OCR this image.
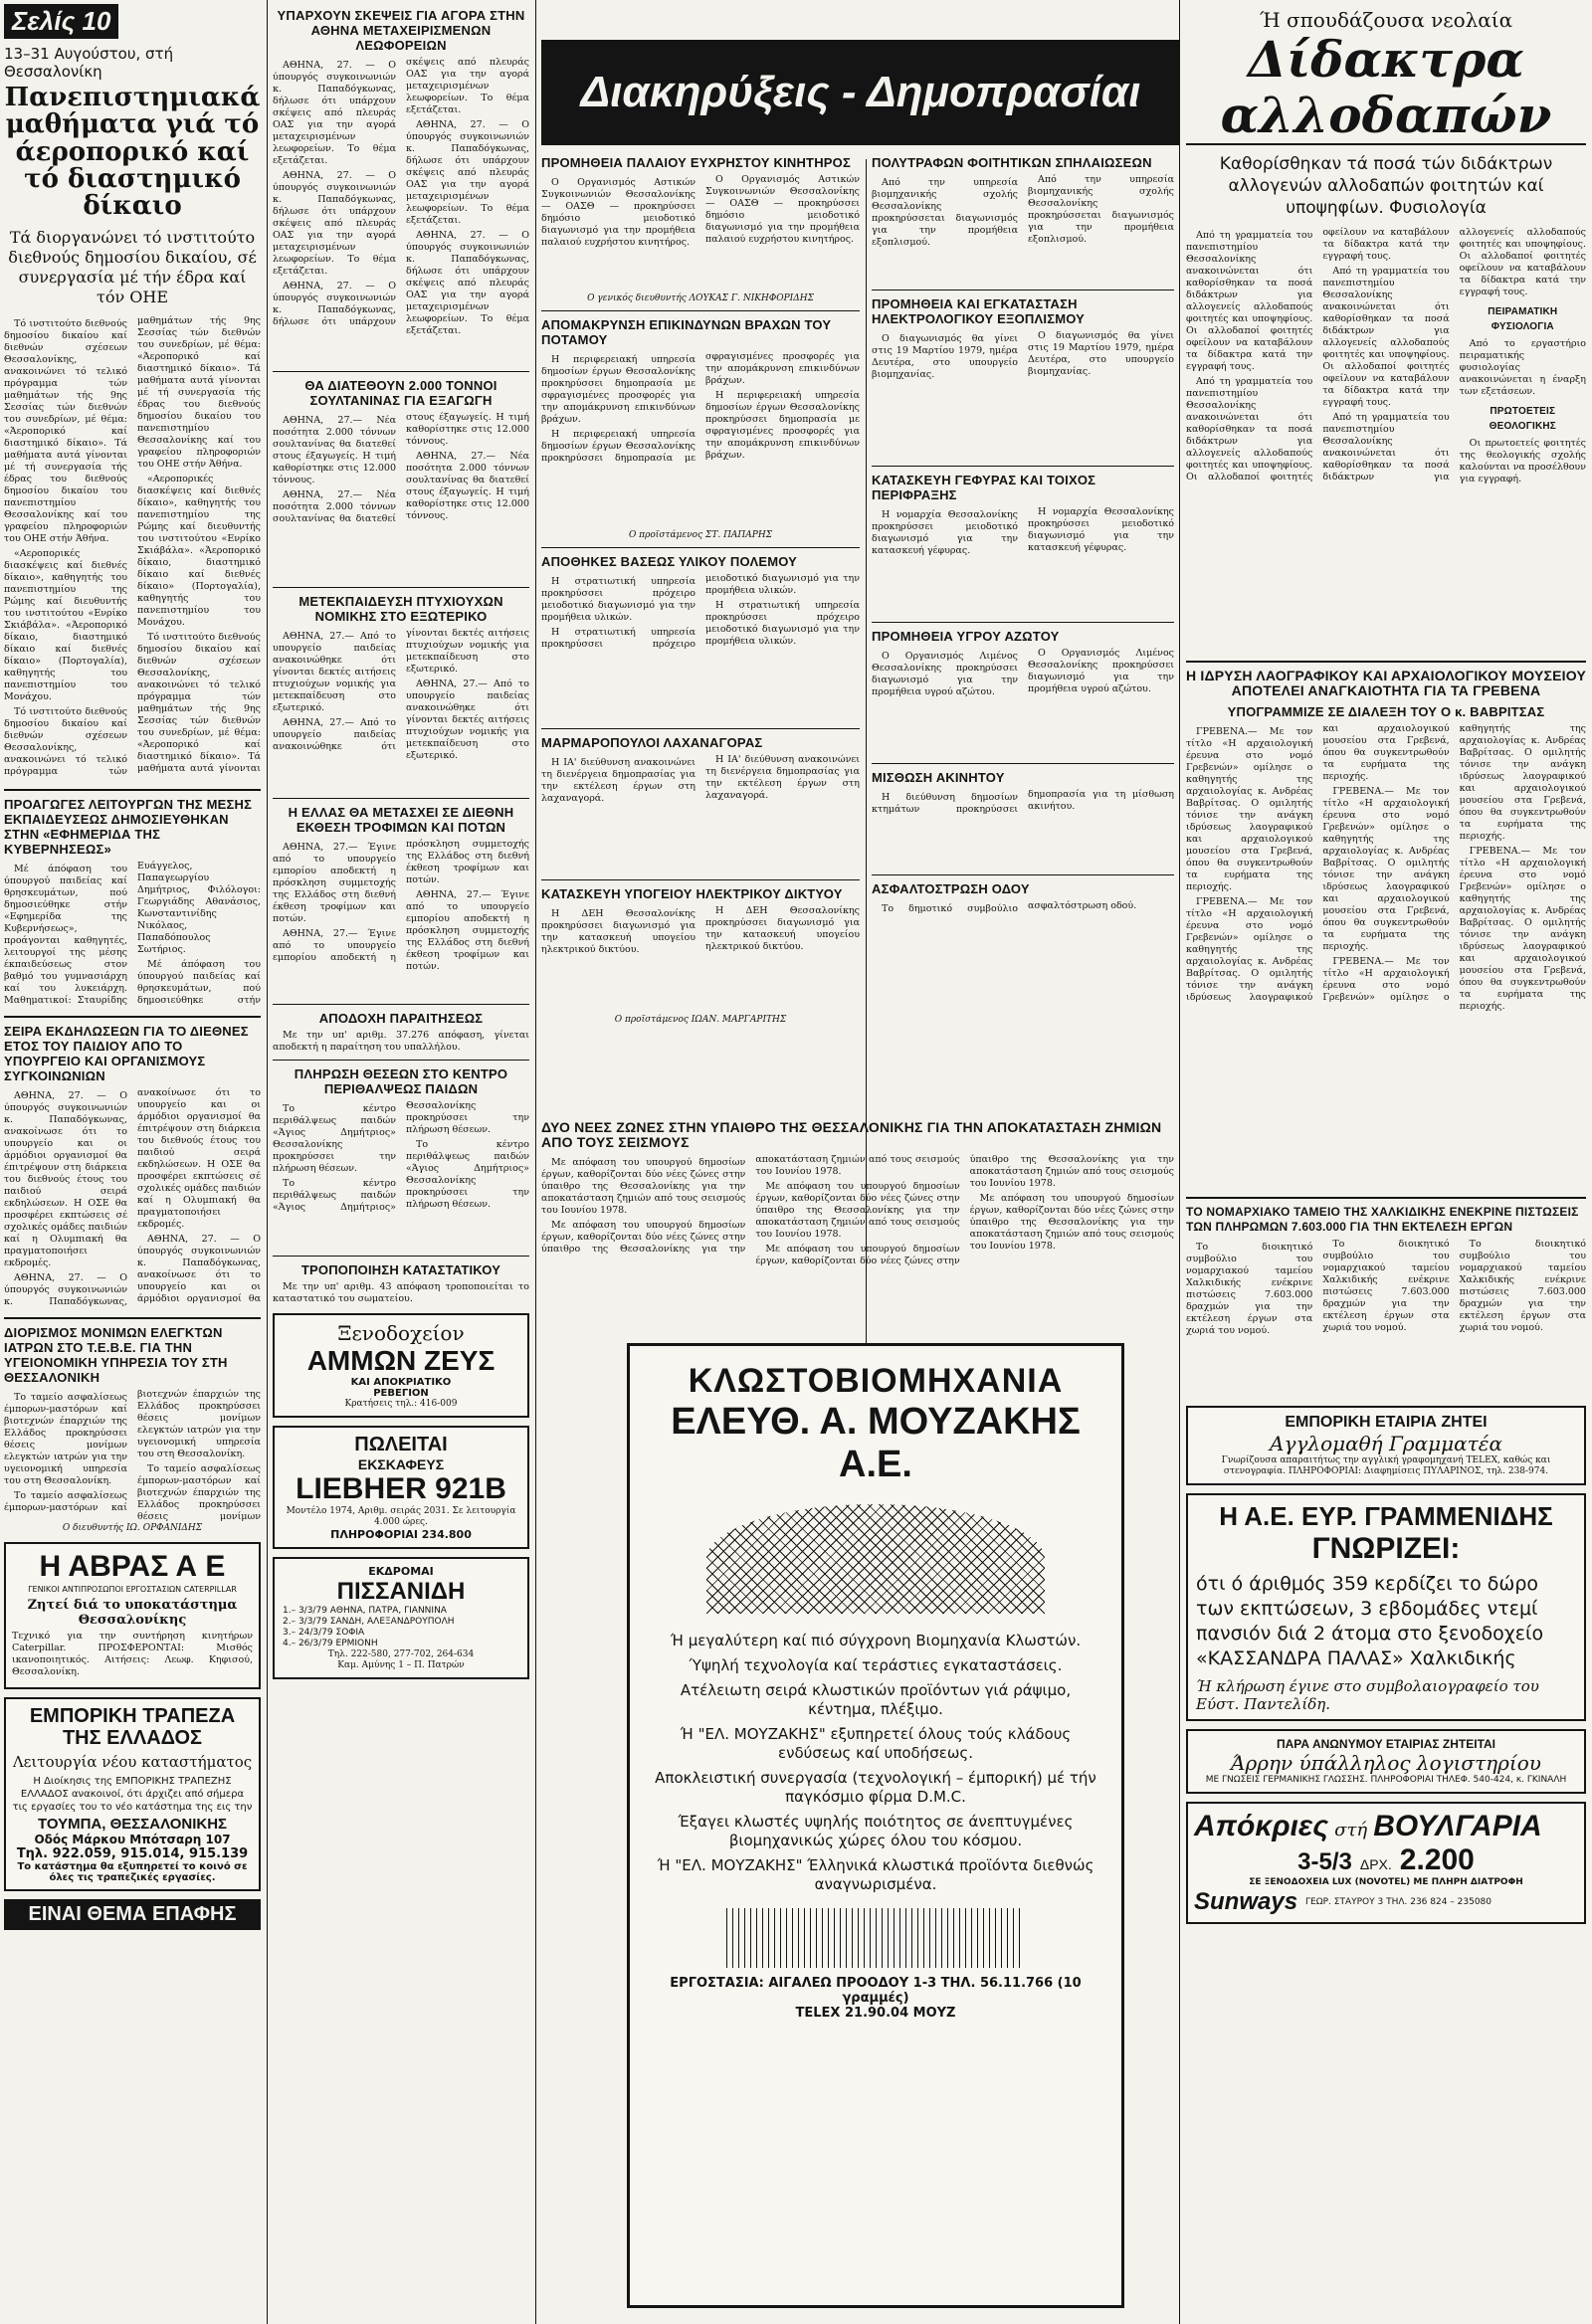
Σελίς 10
13–31 Αυγούστου, στή Θεσσαλονίκη
Πανεπιστημιακά μαθήματα γιά τό άεροπορικό καί τό διαστημικό δίκαιο
Τά διοργανώνει τό ινστιτούτο διεθνούς δημοσίου δικαίου, σέ συνεργασία μέ τήν έδρα καί τόν ΟΗΕ

Τό ινστιτούτο διεθνούς δημοσίου δικαίου καί διεθνών σχέσεων Θεσσαλονίκης, ανακοινώνει τό τελικό πρόγραμμα τών μαθημάτων τής 9ης Σεσσίας τών διεθνών του συνεδρίων, μέ θέμα: «Άεροπορικό καί διαστημικό δίκαιο». Τά μαθήματα αυτά γίνονται μέ τή συνεργασία τής έδρας του διεθνούς δημοσίου δικαίου του πανεπιστημίου Θεσσαλονίκης καί του γραφείου πληροφοριών του ΟΗΕ στήν Άθήνα.

«Αεροπορικές διασκέψεις καί διεθνές δίκαιο», καθηγητής του πανεπιστημίου της Ρώμης καί διευθυντής του ινστιτούτου «Ενρίκο Σκιάβάλα». «Άεροπορικό δίκαιο, διαστημικό δίκαιο καί διεθνές δίκαιο» (Πορτογαλία), καθηγητής του πανεπιστημίου του Μονάχου.

Τό ινστιτούτο διεθνούς δημοσίου δικαίου καί διεθνών σχέσεων Θεσσαλονίκης, ανακοινώνει τό τελικό πρόγραμμα τών μαθημάτων τής 9ης Σεσσίας τών διεθνών του συνεδρίων, μέ θέμα: «Άεροπορικό καί διαστημικό δίκαιο». Τά μαθήματα αυτά γίνονται μέ τή συνεργασία τής έδρας του διεθνούς δημοσίου δικαίου του πανεπιστημίου Θεσσαλονίκης καί του γραφείου πληροφοριών του ΟΗΕ στήν Άθήνα.

«Αεροπορικές διασκέψεις καί διεθνές δίκαιο», καθηγητής του πανεπιστημίου της Ρώμης καί διευθυντής του ινστιτούτου «Ενρίκο Σκιάβάλα». «Άεροπορικό δίκαιο, διαστημικό δίκαιο καί διεθνές δίκαιο» (Πορτογαλία), καθηγητής του πανεπιστημίου του Μονάχου.

Τό ινστιτούτο διεθνούς δημοσίου δικαίου καί διεθνών σχέσεων Θεσσαλονίκης, ανακοινώνει τό τελικό πρόγραμμα τών μαθημάτων τής 9ης Σεσσίας τών διεθνών του συνεδρίων, μέ θέμα: «Άεροπορικό καί διαστημικό δίκαιο». Τά μαθήματα αυτά γίνονται

ΠΡΟΑΓΩΓΕΣ ΛΕΙΤΟΥΡΓΩΝ ΤΗΣ ΜΕΣΗΣ ΕΚΠΑΙΔΕΥΣΕΩΣ ΔΗΜΟΣΙΕΥΘΗΚΑΝ ΣΤΗΝ «ΕΦΗΜΕΡΙΔΑ ΤΗΣ ΚΥΒΕΡΝΗΣΕΩΣ»

Μέ άπόφαση του ύπουργού παιδείας καί θρησκευμάτων, πού δημοσιεύθηκε στήν «Εφημερίδα της Κυβερνήσεως», προάγονται καθηγητές, λειτουργοί της μέσης έκπαιδεύσεως στον βαθμό του γυμνασιάρχη καί του λυκειάρχη. Μαθηματικοί: Σταυρίδης Ευάγγελος, Παπαγεωργίου Δημήτριος, Φιλόλογοι: Γεωργιάδης Αθανάσιος, Κωνσταντινίδης Νικόλαος, Παπαδόπουλος Σωτήριος.

Μέ άπόφαση του ύπουργού παιδείας καί θρησκευμάτων, πού δημοσιεύθηκε στήν

ΣΕΙΡΑ ΕΚΔΗΛΩΣΕΩΝ ΓΙΑ ΤΟ ΔΙΕΘΝΕΣ ΕΤΟΣ ΤΟΥ ΠΑΙΔΙΟΥ ΑΠΟ ΤΟ ΥΠΟΥΡΓΕΙΟ ΚΑΙ ΟΡΓΑΝΙΣΜΟΥΣ ΣΥΓΚΟΙΝΩΝΙΩΝ

ΑΘΗΝΑ, 27. — Ο ύπουργός συγκοινωνιών κ. Παπαδόγκωνας, ανακοίνωσε ότι το υπουργείο και οι άρμόδιοι οργανισμοί θα έπιτρέψουν στη διάρκεια του διεθνούς έτους του παιδιού σειρά εκδηλώσεων. Η ΟΣΕ θα προσφέρει εκπτώσεις σέ σχολικές ομάδες παιδιών καί η Ολυμπιακή θα πραγματοποιήσει εκδρομές.

ΑΘΗΝΑ, 27. — Ο ύπουργός συγκοινωνιών κ. Παπαδόγκωνας, ανακοίνωσε ότι το υπουργείο και οι άρμόδιοι οργανισμοί θα έπιτρέψουν στη διάρκεια του διεθνούς έτους του παιδιού σειρά εκδηλώσεων. Η ΟΣΕ θα προσφέρει εκπτώσεις σέ σχολικές ομάδες παιδιών καί η Ολυμπιακή θα πραγματοποιήσει εκδρομές.

ΑΘΗΝΑ, 27. — Ο ύπουργός συγκοινωνιών κ. Παπαδόγκωνας, ανακοίνωσε ότι το υπουργείο και οι άρμόδιοι οργανισμοί θα

ΔΙΟΡΙΣΜΟΣ ΜΟΝΙΜΩΝ ΕΛΕΓΚΤΩΝ ΙΑΤΡΩΝ ΣΤΟ Τ.Ε.Β.Ε. ΓΙΑ ΤΗΝ ΥΓΕΙΟΝΟΜΙΚΗ ΥΠΗΡΕΣΙΑ ΤΟΥ ΣΤΗ ΘΕΣΣΑΛΟΝΙΚΗ

Το ταμείο ασφαλίσεως έμπορων-μαστόρων καί βιοτεχνών έπαρχιών της Ελλάδος προκηρύσσει θέσεις μονίμων ελεγκτών ιατρών για την υγειονομική υπηρεσία του στη Θεσσαλονίκη.

Το ταμείο ασφαλίσεως έμπορων-μαστόρων καί βιοτεχνών έπαρχιών της Ελλάδος προκηρύσσει θέσεις μονίμων ελεγκτών ιατρών για την υγειονομική υπηρεσία του στη Θεσσαλονίκη.

Το ταμείο ασφαλίσεως έμπορων-μαστόρων καί βιοτεχνών έπαρχιών της Ελλάδος προκηρύσσει θέσεις μονίμων

Ο διευθυντής ΙΩ. ΟΡΦΑΝΙΔΗΣ
Η ΑΒΡΑΣ Α Ε
ΓΕΝΙΚΟΙ ΑΝΤΙΠΡΟΣΩΠΟΙ ΕΡΓΟΣΤΑΣΙΩΝ CATERPILLAR
Ζητεί διά το υποκατάστημα Θεσσαλονίκης

Τεχνικό για την συντήρηση κινητήρων Caterpillar. ΠΡΟΣΦΕΡΟΝΤΑΙ: Μισθός ικανοποιητικός. Αιτήσεις: Λεωφ. Κηφισού, Θεσσαλονίκη.

ΕΜΠΟΡΙΚΗ ΤΡΑΠΕΖΑ ΤΗΣ ΕΛΛΑΔΟΣ
Λειτουργία νέου καταστήματος

Η Διοίκησις της ΕΜΠΟΡΙΚΗΣ ΤΡΑΠΕΖΗΣ ΕΛΛΑΔΟΣ ανακοινοί, ότι άρχιζει από σήμερα τις εργασίες του το νέο κατάστημα της εις την

ΤΟΥΜΠΑ, ΘΕΣΣΑΛΟΝΙΚΗΣ
Οδός Μάρκου Μπότσαρη 107
Τηλ. 922.059, 915.014, 915.139
Το κατάστημα θα εξυπηρετεί το κοινό σε όλες τις τραπεζικές εργασίες.
ΕΙΝΑΙ ΘΕΜΑ ΕΠΑΦΗΣ
ΥΠΑΡΧΟΥΝ ΣΚΕΨΕΙΣ ΓΙΑ ΑΓΟΡΑ ΣΤΗΝ ΑΘΗΝΑ ΜΕΤΑΧΕΙΡΙΣΜΕΝΩΝ ΛΕΩΦΟΡΕΙΩΝ

ΑΘΗΝΑ, 27. — Ο ύπουργός συγκοινωνιών κ. Παπαδόγκωνας, δήλωσε ότι υπάρχουν σκέψεις από πλευράς ΟΑΣ για την αγορά μεταχειρισμένων λεωφορείων. Το θέμα εξετάζεται.

ΑΘΗΝΑ, 27. — Ο ύπουργός συγκοινωνιών κ. Παπαδόγκωνας, δήλωσε ότι υπάρχουν σκέψεις από πλευράς ΟΑΣ για την αγορά μεταχειρισμένων λεωφορείων. Το θέμα εξετάζεται.

ΑΘΗΝΑ, 27. — Ο ύπουργός συγκοινωνιών κ. Παπαδόγκωνας, δήλωσε ότι υπάρχουν σκέψεις από πλευράς ΟΑΣ για την αγορά μεταχειρισμένων λεωφορείων. Το θέμα εξετάζεται.

ΑΘΗΝΑ, 27. — Ο ύπουργός συγκοινωνιών κ. Παπαδόγκωνας, δήλωσε ότι υπάρχουν σκέψεις από πλευράς ΟΑΣ για την αγορά μεταχειρισμένων λεωφορείων. Το θέμα εξετάζεται.

ΑΘΗΝΑ, 27. — Ο ύπουργός συγκοινωνιών κ. Παπαδόγκωνας, δήλωσε ότι υπάρχουν σκέψεις από πλευράς ΟΑΣ για την αγορά μεταχειρισμένων λεωφορείων. Το θέμα εξετάζεται.

ΘΑ ΔΙΑΤΕΘΟΥΝ 2.000 ΤΟΝΝΟΙ ΣΟΥΛΤΑΝΙΝΑΣ ΓΙΑ ΕΞΑΓΩΓΗ

ΑΘΗΝΑ, 27.— Νέα ποσότητα 2.000 τόννων σουλτανίνας θα διατεθεί στους έξαγωγείς. Η τιμή καθορίστηκε στις 12.000 τόννους.

ΑΘΗΝΑ, 27.— Νέα ποσότητα 2.000 τόννων σουλτανίνας θα διατεθεί στους έξαγωγείς. Η τιμή καθορίστηκε στις 12.000 τόννους.

ΑΘΗΝΑ, 27.— Νέα ποσότητα 2.000 τόννων σουλτανίνας θα διατεθεί στους έξαγωγείς. Η τιμή καθορίστηκε στις 12.000 τόννους.

ΜΕΤΕΚΠΑΙΔΕΥΣΗ ΠΤΥΧΙΟΥΧΩΝ ΝΟΜΙΚΗΣ ΣΤΟ ΕΞΩΤΕΡΙΚΟ

ΑΘΗΝΑ, 27.— Από το υπουργείο παιδείας ανακοινώθηκε ότι γίνονται δεκτές αιτήσεις πτυχιούχων νομικής για μετεκπαίδευση στο εξωτερικό.

ΑΘΗΝΑ, 27.— Από το υπουργείο παιδείας ανακοινώθηκε ότι γίνονται δεκτές αιτήσεις πτυχιούχων νομικής για μετεκπαίδευση στο εξωτερικό.

ΑΘΗΝΑ, 27.— Από το υπουργείο παιδείας ανακοινώθηκε ότι γίνονται δεκτές αιτήσεις πτυχιούχων νομικής για μετεκπαίδευση στο εξωτερικό.

Η ΕΛΛΑΣ ΘΑ ΜΕΤΑΣΧΕΙ ΣΕ ΔΙΕΘΝΗ ΕΚΘΕΣΗ ΤΡΟΦΙΜΩΝ ΚΑΙ ΠΟΤΩΝ

ΑΘΗΝΑ, 27.— Έγινε από το υπουργείο εμπορίου αποδεκτή η πρόσκληση συμμετοχής της Ελλάδος στη διεθνή έκθεση τροφίμων και ποτών.

ΑΘΗΝΑ, 27.— Έγινε από το υπουργείο εμπορίου αποδεκτή η πρόσκληση συμμετοχής της Ελλάδος στη διεθνή έκθεση τροφίμων και ποτών.

ΑΘΗΝΑ, 27.— Έγινε από το υπουργείο εμπορίου αποδεκτή η πρόσκληση συμμετοχής της Ελλάδος στη διεθνή έκθεση τροφίμων και ποτών.

ΑΠΟΔΟΧΗ ΠΑΡΑΙΤΗΣΕΩΣ

Με την υπ' αριθμ. 37.276 απόφαση, γίνεται αποδεκτή η παραίτηση του υπαλλήλου.

ΠΛΗΡΩΣΗ ΘΕΣΕΩΝ ΣΤΟ ΚΕΝΤΡΟ ΠΕΡΙΘΑΛΨΕΩΣ ΠΑΙΔΩΝ

Το κέντρο περιθάλψεως παιδών «Άγιος Δημήτριος» Θεσσαλονίκης προκηρύσσει την πλήρωση θέσεων.

Το κέντρο περιθάλψεως παιδών «Άγιος Δημήτριος» Θεσσαλονίκης προκηρύσσει την πλήρωση θέσεων.

Το κέντρο περιθάλψεως παιδών «Άγιος Δημήτριος» Θεσσαλονίκης προκηρύσσει την πλήρωση θέσεων.

ΤΡΟΠΟΠΟΙΗΣΗ ΚΑΤΑΣΤΑΤΙΚΟΥ

Με την υπ' αριθμ. 43 απόφαση τροποποιείται το καταστατικό του σωματείου.

Ξενοδοχείον
ΑΜΜΩΝ ΖΕΥΣ
ΚΑΙ ΑΠΟΚΡΙΑΤΙΚΟ
ΡΕΒΕΓΙΟΝ
Κρατήσεις τηλ.: 416-009
ΠΩΛΕΙΤΑΙ
ΕΚΣΚΑΦΕΥΣ
LIEBHER 921B
Μοντέλο 1974, Αριθμ. σειράς 2031. Σε λειτουργία 4.000 ώρες.
ΠΛΗΡΟΦΟΡΙΑΙ 234.800
ΕΚΔΡΟΜΑΙ
ΠΙΣΣΑΝΙΔΗ
1.– 3/3/79 ΑΘΗΝΑ, ΠΑΤΡΑ, ΓΙΑΝΝΙΝΑ
2.– 3/3/79 ΣΑΝΔΗ, ΑΛΕΞΑΝΔΡΟΥΠΟΛΗ
3.– 24/3/79 ΣΟΦΙΑ
4.– 26/3/79 ΕΡΜΙΟΝΗ
Τηλ. 222-580, 277-702, 264-634
Καμ. Αμύνης 1 – Π. Πατρών
Διακηρύξεις - Δημοπρασίαι
ΠΡΟΜΗΘΕΙΑ ΠΑΛΑΙΟΥ ΕΥΧΡΗΣΤΟΥ ΚΙΝΗΤΗΡΟΣ

Ο Οργανισμός Αστικών Συγκοινωνιών Θεσσαλονίκης — ΟΑΣΘ — προκηρύσσει δημόσιο μειοδοτικό διαγωνισμό για την προμήθεια παλαιού ευχρήστου κινητήρος.

Ο Οργανισμός Αστικών Συγκοινωνιών Θεσσαλονίκης — ΟΑΣΘ — προκηρύσσει δημόσιο μειοδοτικό διαγωνισμό για την προμήθεια παλαιού ευχρήστου κινητήρος.

Ο γενικός διευθυντής ΛΟΥΚΑΣ Γ. ΝΙΚΗΦΟΡΙΔΗΣ
ΑΠΟΜΑΚΡΥΝΣΗ ΕΠΙΚΙΝΔΥΝΩΝ ΒΡΑΧΩΝ ΤΟΥ ΠΟΤΑΜΟΥ

Η περιφερειακή υπηρεσία δημοσίων έργων Θεσσαλονίκης προκηρύσσει δημοπρασία με σφραγισμένες προσφορές για την απομάκρυνση επικινδύνων βράχων.

Η περιφερειακή υπηρεσία δημοσίων έργων Θεσσαλονίκης προκηρύσσει δημοπρασία με σφραγισμένες προσφορές για την απομάκρυνση επικινδύνων βράχων.

Η περιφερειακή υπηρεσία δημοσίων έργων Θεσσαλονίκης προκηρύσσει δημοπρασία με σφραγισμένες προσφορές για την απομάκρυνση επικινδύνων βράχων.

Ο προϊστάμενος ΣΤ. ΠΑΠΑΡΗΣ
ΑΠΟΘΗΚΕΣ ΒΑΣΕΩΣ ΥΛΙΚΟΥ ΠΟΛΕΜΟΥ

Η στρατιωτική υπηρεσία προκηρύσσει πρόχειρο μειοδοτικό διαγωνισμό για την προμήθεια υλικών.

Η στρατιωτική υπηρεσία προκηρύσσει πρόχειρο μειοδοτικό διαγωνισμό για την προμήθεια υλικών.

Η στρατιωτική υπηρεσία προκηρύσσει πρόχειρο μειοδοτικό διαγωνισμό για την προμήθεια υλικών.

ΜΑΡΜΑΡΟΠΟΥΛΟΙ ΛΑΧΑΝΑΓΟΡΑΣ

Η ΙΑ' διεύθυνση ανακοινώνει τη διενέργεια δημοπρασίας για την εκτέλεση έργων στη λαχαναγορά.

Η ΙΑ' διεύθυνση ανακοινώνει τη διενέργεια δημοπρασίας για την εκτέλεση έργων στη λαχαναγορά.

ΚΑΤΑΣΚΕΥΗ ΥΠΟΓΕΙΟΥ ΗΛΕΚΤΡΙΚΟΥ ΔΙΚΤΥΟΥ

Η ΔΕΗ Θεσσαλονίκης προκηρύσσει διαγωνισμό για την κατασκευή υπογείου ηλεκτρικού δικτύου.

Η ΔΕΗ Θεσσαλονίκης προκηρύσσει διαγωνισμό για την κατασκευή υπογείου ηλεκτρικού δικτύου.

Ο προϊστάμενος ΙΩΑΝ. ΜΑΡΓΑΡΙΤΗΣ
ΠΟΛΥΤΡΑΦΩΝ ΦΟΙΤΗΤΙΚΩΝ ΣΠΗΛΑΙΩΣΕΩΝ

Από την υπηρεσία βιομηχανικής σχολής Θεσσαλονίκης προκηρύσσεται διαγωνισμός για την προμήθεια εξοπλισμού.

Από την υπηρεσία βιομηχανικής σχολής Θεσσαλονίκης προκηρύσσεται διαγωνισμός για την προμήθεια εξοπλισμού.

ΠΡΟΜΗΘΕΙΑ ΚΑΙ ΕΓΚΑΤΑΣΤΑΣΗ ΗΛΕΚΤΡΟΛΟΓΙΚΟΥ ΕΞΟΠΛΙΣΜΟΥ

Ο διαγωνισμός θα γίνει στις 19 Μαρτίου 1979, ημέρα Δευτέρα, στο υπουργείο βιομηχανίας.

Ο διαγωνισμός θα γίνει στις 19 Μαρτίου 1979, ημέρα Δευτέρα, στο υπουργείο βιομηχανίας.

ΚΑΤΑΣΚΕΥΗ ΓΕΦΥΡΑΣ ΚΑΙ ΤΟΙΧΟΣ ΠΕΡΙΦΡΑΞΗΣ

Η νομαρχία Θεσσαλονίκης προκηρύσσει μειοδοτικό διαγωνισμό για την κατασκευή γέφυρας.

Η νομαρχία Θεσσαλονίκης προκηρύσσει μειοδοτικό διαγωνισμό για την κατασκευή γέφυρας.

ΠΡΟΜΗΘΕΙΑ ΥΓΡΟΥ ΑΖΩΤΟΥ

Ο Οργανισμός Λιμένος Θεσσαλονίκης προκηρύσσει διαγωνισμό για την προμήθεια υγρού αζώτου.

Ο Οργανισμός Λιμένος Θεσσαλονίκης προκηρύσσει διαγωνισμό για την προμήθεια υγρού αζώτου.

ΜΙΣΘΩΣΗ ΑΚΙΝΗΤΟΥ

Η διεύθυνση δημοσίων κτημάτων προκηρύσσει δημοπρασία για τη μίσθωση ακινήτου.

ΑΣΦΑΛΤΟΣΤΡΩΣΗ ΟΔΟΥ

Το δημοτικό συμβούλιο ασφαλτόστρωση οδού.

ΔΥΟ ΝΕΕΣ ΖΩΝΕΣ ΣΤΗΝ ΥΠΑΙΘΡΟ ΤΗΣ ΘΕΣΣΑΛΟΝΙΚΗΣ ΓΙΑ ΤΗΝ ΑΠΟΚΑΤΑΣΤΑΣΗ ΖΗΜΙΩΝ ΑΠΟ ΤΟΥΣ ΣΕΙΣΜΟΥΣ

Με απόφαση του υπουργού δημοσίων έργων, καθορίζονται δύο νέες ζώνες στην ύπαιθρο της Θεσσαλονίκης για την αποκατάσταση ζημιών από τους σεισμούς του Ιουνίου 1978.

Με απόφαση του υπουργού δημοσίων έργων, καθορίζονται δύο νέες ζώνες στην ύπαιθρο της Θεσσαλονίκης για την αποκατάσταση ζημιών από τους σεισμούς του Ιουνίου 1978.

Με απόφαση του υπουργού δημοσίων έργων, καθορίζονται δύο νέες ζώνες στην ύπαιθρο της Θεσσαλονίκης για την αποκατάσταση ζημιών από τους σεισμούς του Ιουνίου 1978.

Με απόφαση του υπουργού δημοσίων έργων, καθορίζονται δύο νέες ζώνες στην ύπαιθρο της Θεσσαλονίκης για την αποκατάσταση ζημιών από τους σεισμούς του Ιουνίου 1978.

Με απόφαση του υπουργού δημοσίων έργων, καθορίζονται δύο νέες ζώνες στην ύπαιθρο της Θεσσαλονίκης για την αποκατάσταση ζημιών από τους σεισμούς του Ιουνίου 1978.

ΚΛΩΣΤΟΒΙΟΜΗΧΑΝΙΑ
ΕΛΕΥΘ. Α. ΜΟΥΖΑΚΗΣ Α.Ε.
Ή μεγαλύτερη καί πιό σύγχρονη Βιομηχανία Κλωστών.
Ύψηλή τεχνολογία καί τεράστιες εγκαταστάσεις.
Ατέλειωτη σειρά κλωστικών προϊόντων γιά ράψιμο, κέντημα, πλέξιμο.
Ή "ΕΛ. ΜΟΥΖΑΚΗΣ" εξυπηρετεί όλους τούς κλάδους ενδύσεως καί υποδήσεως.
Αποκλειστική συνεργασία (τεχνολογική – έμπορική) μέ τήν παγκόσμιο φίρμα D.M.C.
Έξαγει κλωστές υψηλής ποιότητος σε άνεπτυγμένες βιομηχανικώς χώρες όλου του κόσμου.
Ή "ΕΛ. ΜΟΥΖΑΚΗΣ" Έλληνικά κλωστικά προϊόντα διεθνώς αναγνωρισμένα.
ΕΡΓΟΣΤΑΣΙΑ: ΑΙΓΑΛΕΩ ΠΡΟΟΔΟΥ 1-3 ΤΗΛ. 56.11.766 (10 γραμμές)
TELEX 21.90.04 ΜΟΥΖ
Ή σπουδάζουσα νεολαία
Δίδακτρα αλλοδαπών
Καθορίσθηκαν τά ποσά τών διδάκτρων αλλογενών αλλοδαπών φοιτητών καί υποψηφίων. Φυσιολογία

Από τη γραμματεία του πανεπιστημίου Θεσσαλονίκης ανακοινώνεται ότι καθορίσθηκαν τα ποσά διδάκτρων για αλλογενείς αλλοδαπούς φοιτητές και υποψηφίους. Οι αλλοδαποί φοιτητές οφείλουν να καταβάλουν τα δίδακτρα κατά την εγγραφή τους.

Από τη γραμματεία του πανεπιστημίου Θεσσαλονίκης ανακοινώνεται ότι καθορίσθηκαν τα ποσά διδάκτρων για αλλογενείς αλλοδαπούς φοιτητές και υποψηφίους. Οι αλλοδαποί φοιτητές οφείλουν να καταβάλουν τα δίδακτρα κατά την εγγραφή τους.

Από τη γραμματεία του πανεπιστημίου Θεσσαλονίκης ανακοινώνεται ότι καθορίσθηκαν τα ποσά διδάκτρων για αλλογενείς αλλοδαπούς φοιτητές και υποψηφίους. Οι αλλοδαποί φοιτητές οφείλουν να καταβάλουν τα δίδακτρα κατά την εγγραφή τους.

Από τη γραμματεία του πανεπιστημίου Θεσσαλονίκης ανακοινώνεται ότι καθορίσθηκαν τα ποσά διδάκτρων για αλλογενείς αλλοδαπούς φοιτητές και υποψηφίους. Οι αλλοδαποί φοιτητές οφείλουν να καταβάλουν τα δίδακτρα κατά την εγγραφή τους.

ΠΕΙΡΑΜΑΤΙΚΗ ΦΥΣΙΟΛΟΓΙΑ

Από το εργαστήριο πειραματικής φυσιολογίας ανακοινώνεται η έναρξη των εξετάσεων.

ΠΡΩΤΟΕΤΕΙΣ ΘΕΟΛΟΓΙΚΗΣ

Οι πρωτοετείς φοιτητές της θεολογικής σχολής καλούνται να προσέλθουν για εγγραφή.

Η ΙΔΡΥΣΗ ΛΑΟΓΡΑΦΙΚΟΥ ΚΑΙ ΑΡΧΑΙΟΛΟΓΙΚΟΥ ΜΟΥΣΕΙΟΥ ΑΠΟΤΕΛΕΙ ΑΝΑΓΚΑΙΟΤΗΤΑ ΓΙΑ ΤΑ ΓΡΕΒΕΝΑ
ΥΠΟΓΡΑΜΜΙΖΕ ΣΕ ΔΙΑΛΕΞΗ ΤΟΥ Ο κ. ΒΑΒΡΙΤΣΑΣ

ΓΡΕΒΕΝΑ.— Με τον τίτλο «Η αρχαιολογική έρευνα στο νομό Γρεβενών» ομίλησε ο καθηγητής της αρχαιολογίας κ. Ανδρέας Βαβρίτσας. Ο ομιλητής τόνισε την ανάγκη ιδρύσεως λαογραφικού και αρχαιολογικού μουσείου στα Γρεβενά, όπου θα συγκεντρωθούν τα ευρήματα της περιοχής.

ΓΡΕΒΕΝΑ.— Με τον τίτλο «Η αρχαιολογική έρευνα στο νομό Γρεβενών» ομίλησε ο καθηγητής της αρχαιολογίας κ. Ανδρέας Βαβρίτσας. Ο ομιλητής τόνισε την ανάγκη ιδρύσεως λαογραφικού και αρχαιολογικού μουσείου στα Γρεβενά, όπου θα συγκεντρωθούν τα ευρήματα της περιοχής.

ΓΡΕΒΕΝΑ.— Με τον τίτλο «Η αρχαιολογική έρευνα στο νομό Γρεβενών» ομίλησε ο καθηγητής της αρχαιολογίας κ. Ανδρέας Βαβρίτσας. Ο ομιλητής τόνισε την ανάγκη ιδρύσεως λαογραφικού και αρχαιολογικού μουσείου στα Γρεβενά, όπου θα συγκεντρωθούν τα ευρήματα της περιοχής.

ΓΡΕΒΕΝΑ.— Με τον τίτλο «Η αρχαιολογική έρευνα στο νομό Γρεβενών» ομίλησε ο καθηγητής της αρχαιολογίας κ. Ανδρέας Βαβρίτσας. Ο ομιλητής τόνισε την ανάγκη ιδρύσεως λαογραφικού και αρχαιολογικού μουσείου στα Γρεβενά, όπου θα συγκεντρωθούν τα ευρήματα της περιοχής.

ΓΡΕΒΕΝΑ.— Με τον τίτλο «Η αρχαιολογική έρευνα στο νομό Γρεβενών» ομίλησε ο καθηγητής της αρχαιολογίας κ. Ανδρέας Βαβρίτσας. Ο ομιλητής τόνισε την ανάγκη ιδρύσεως λαογραφικού και αρχαιολογικού μουσείου στα Γρεβενά, όπου θα συγκεντρωθούν τα ευρήματα της περιοχής.

ΤΟ ΝΟΜΑΡΧΙΑΚΟ ΤΑΜΕΙΟ ΤΗΣ ΧΑΛΚΙΔΙΚΗΣ ΕΝΕΚΡΙΝΕ ΠΙΣΤΩΣΕΙΣ ΤΩΝ ΠΛΗΡΩΜΩΝ 7.603.000 ΓΙΑ ΤΗΝ ΕΚΤΕΛΕΣΗ ΕΡΓΩΝ

Το διοικητικό συμβούλιο του νομαρχιακού ταμείου Χαλκιδικής ενέκρινε πιστώσεις 7.603.000 δραχμών για την εκτέλεση έργων στα χωριά του νομού.

Το διοικητικό συμβούλιο του νομαρχιακού ταμείου Χαλκιδικής ενέκρινε πιστώσεις 7.603.000 δραχμών για την εκτέλεση έργων στα χωριά του νομού.

Το διοικητικό συμβούλιο του νομαρχιακού ταμείου Χαλκιδικής ενέκρινε πιστώσεις 7.603.000 δραχμών για την εκτέλεση έργων στα χωριά του νομού.

ΕΜΠΟΡΙΚΗ ΕΤΑΙΡΙΑ ΖΗΤΕΙ
Αγγλομαθή Γραμματέα
Γνωρίζουσα απαραιτήτως την αγγλική γραφομηχανή TELEX, καθώς και στενογραφία. ΠΛΗΡΟΦΟΡΙΑΙ: Διαφημίσεις ΠΥΛΑΡΙΝΟΣ, τηλ. 238-974.
Η Α.Ε. ΕΥΡ. ΓΡΑΜΜΕΝΙΔΗΣ
ΓΝΩΡΙΖΕΙ:
ότι ό άριθμός 359 κερδίζει το δώρο των εκπτώσεων, 3 εβδομάδες ντεμί πανσιόν διά 2 άτομα στο ξενοδοχείο «ΚΑΣΣΑΝΔΡΑ ΠΑΛΑΣ» Χαλκιδικής
Ή κλήρωση έγινε στο συμβολαιογραφείο του Εύστ. Παντελίδη.
ΠΑΡΑ ΑΝΩΝΥΜΟΥ ΕΤΑΙΡΙΑΣ ΖΗΤΕΙΤΑΙ
Άρρην ύπάλληλος λογιστηρίου
ΜΕ ΓΝΩΣΕΙΣ ΓΕΡΜΑΝΙΚΗΣ ΓΛΩΣΣΗΣ. ΠΛΗΡΟΦΟΡΙΑΙ ΤΗΛΕΦ. 540-424, κ. ΓΚΙΝΑΛΗ
Απόκριες στή ΒΟΥΛΓΑΡΙΑ
3-5/3 ΔΡΧ. 2.200
ΣΕ ΞΕΝΟΔΟΧΕΙΑ LUX (NOVOTEL) ΜΕ ΠΛΗΡΗ ΔΙΑΤΡΟΦΗ
Sunways ΓΕΩΡ. ΣΤΑΥΡΟΥ 3 ΤΗΛ. 236 824 – 235080
